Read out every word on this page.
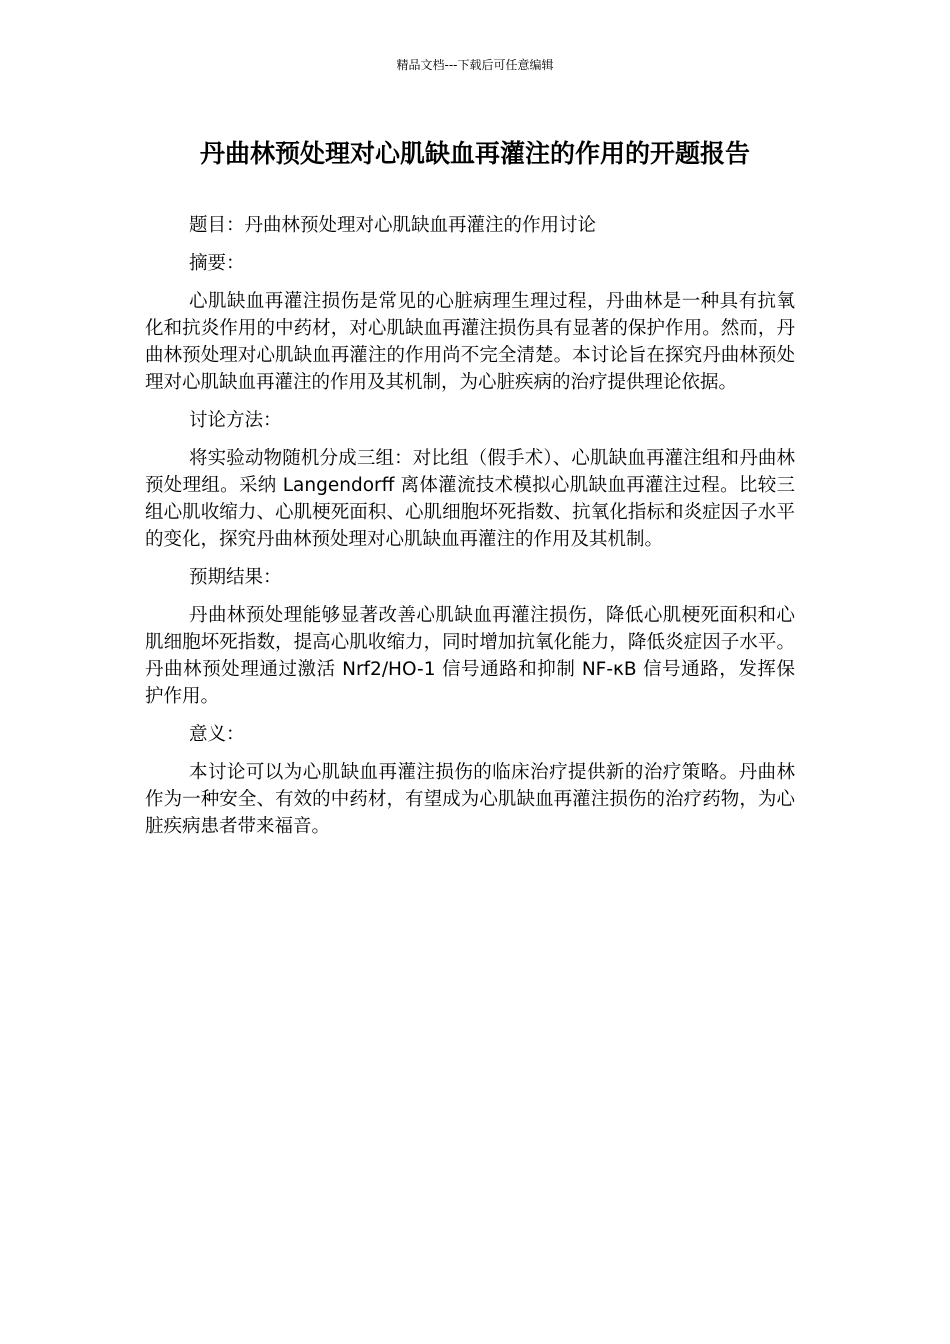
精品文档---下载后可任意编辑
丹曲林预处理对心肌缺血再灌注的作用的开题报告

题目：丹曲林预处理对心肌缺血再灌注的作用讨论

摘要：

心肌缺血再灌注损伤是常见的心脏病理生理过程，丹曲林是一种具有抗氧化和抗炎作用的中药材，对心肌缺血再灌注损伤具有显著的保护作用。然而，丹曲林预处理对心肌缺血再灌注的作用尚不完全清楚。本讨论旨在探究丹曲林预处理对心肌缺血再灌注的作用及其机制，为心脏疾病的治疗提供理论依据。

讨论方法：

将实验动物随机分成三组：对比组（假手术）、心肌缺血再灌注组和丹曲林预处理组。采纳 Langendorff 离体灌流技术模拟心肌缺血再灌注过程。比较三组心肌收缩力、心肌梗死面积、心肌细胞坏死指数、抗氧化指标和炎症因子水平的变化，探究丹曲林预处理对心肌缺血再灌注的作用及其机制。

预期结果：

丹曲林预处理能够显著改善心肌缺血再灌注损伤，降低心肌梗死面积和心肌细胞坏死指数，提高心肌收缩力，同时增加抗氧化能力，降低炎症因子水平。丹曲林预处理通过激活 Nrf2/HO-1 信号通路和抑制 NF-κB 信号通路，发挥保护作用。

意义：

本讨论可以为心肌缺血再灌注损伤的临床治疗提供新的治疗策略。丹曲林作为一种安全、有效的中药材，有望成为心肌缺血再灌注损伤的治疗药物，为心脏疾病患者带来福音。
